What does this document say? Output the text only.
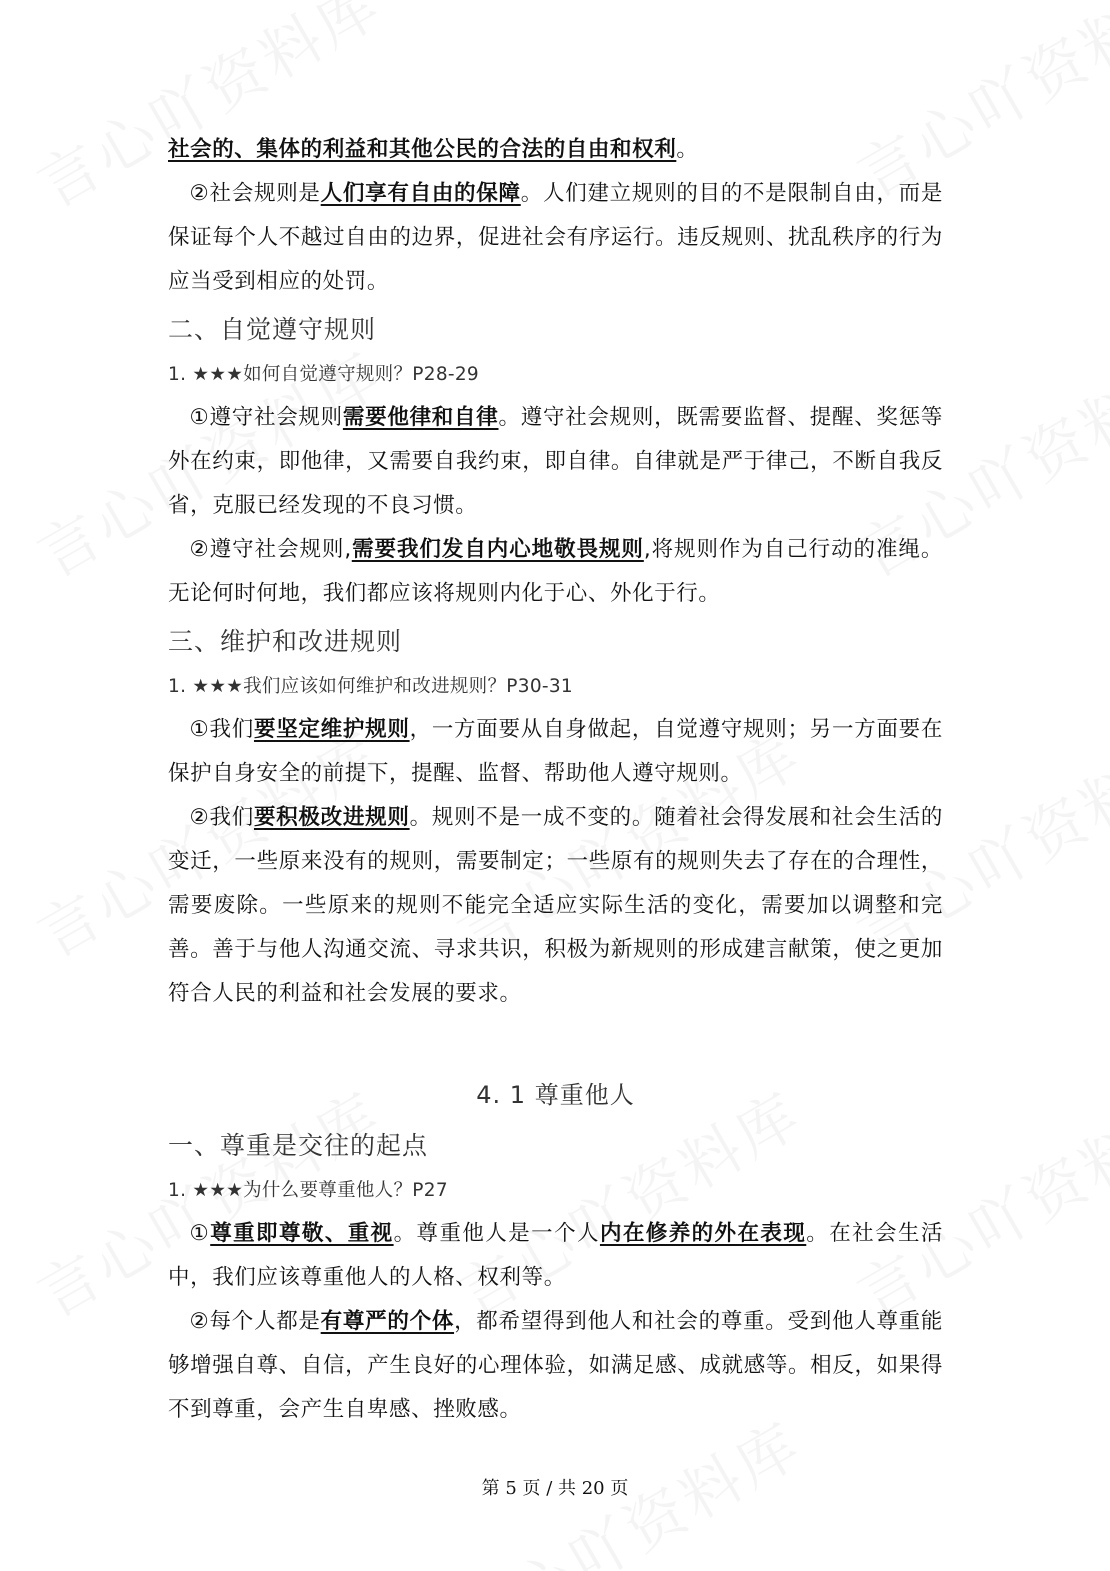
社会的、集体的利益和其他公民的合法的自由和权利。

②社会规则是人们享有自由的保障。人们建立规则的目的不是限制自由，而是保证每个人不越过自由的边界，促进社会有序运行。违反规则、扰乱秩序的行为应当受到相应的处罚。

二、自觉遵守规则
1. ★★★如何自觉遵守规则？P28-29

①遵守社会规则需要他律和自律。遵守社会规则，既需要监督、提醒、奖惩等外在约束，即他律，又需要自我约束，即自律。自律就是严于律己，不断自我反省，克服已经发现的不良习惯。

②遵守社会规则,需要我们发自内心地敬畏规则,将规则作为自己行动的准绳。无论何时何地，我们都应该将规则内化于心、外化于行。

三、维护和改进规则
1. ★★★我们应该如何维护和改进规则？P30-31

①我们要坚定维护规则，一方面要从自身做起，自觉遵守规则；另一方面要在保护自身安全的前提下，提醒、监督、帮助他人遵守规则。

②我们要积极改进规则。规则不是一成不变的。随着社会得发展和社会生活的变迁，一些原来没有的规则，需要制定；一些原有的规则失去了存在的合理性，需要废除。一些原来的规则不能完全适应实际生活的变化，需要加以调整和完善。善于与他人沟通交流、寻求共识，积极为新规则的形成建言献策，使之更加符合人民的利益和社会发展的要求。

4. 1 尊重他人
一、尊重是交往的起点
1. ★★★为什么要尊重他人？P27

①尊重即尊敬、重视。尊重他人是一个人内在修养的外在表现。在社会生活中，我们应该尊重他人的人格、权利等。

②每个人都是有尊严的个体，都希望得到他人和社会的尊重。受到他人尊重能够增强自尊、自信，产生良好的心理体验，如满足感、成就感等。相反，如果得不到尊重，会产生自卑感、挫败感。

第 5 页 / 共 20 页
